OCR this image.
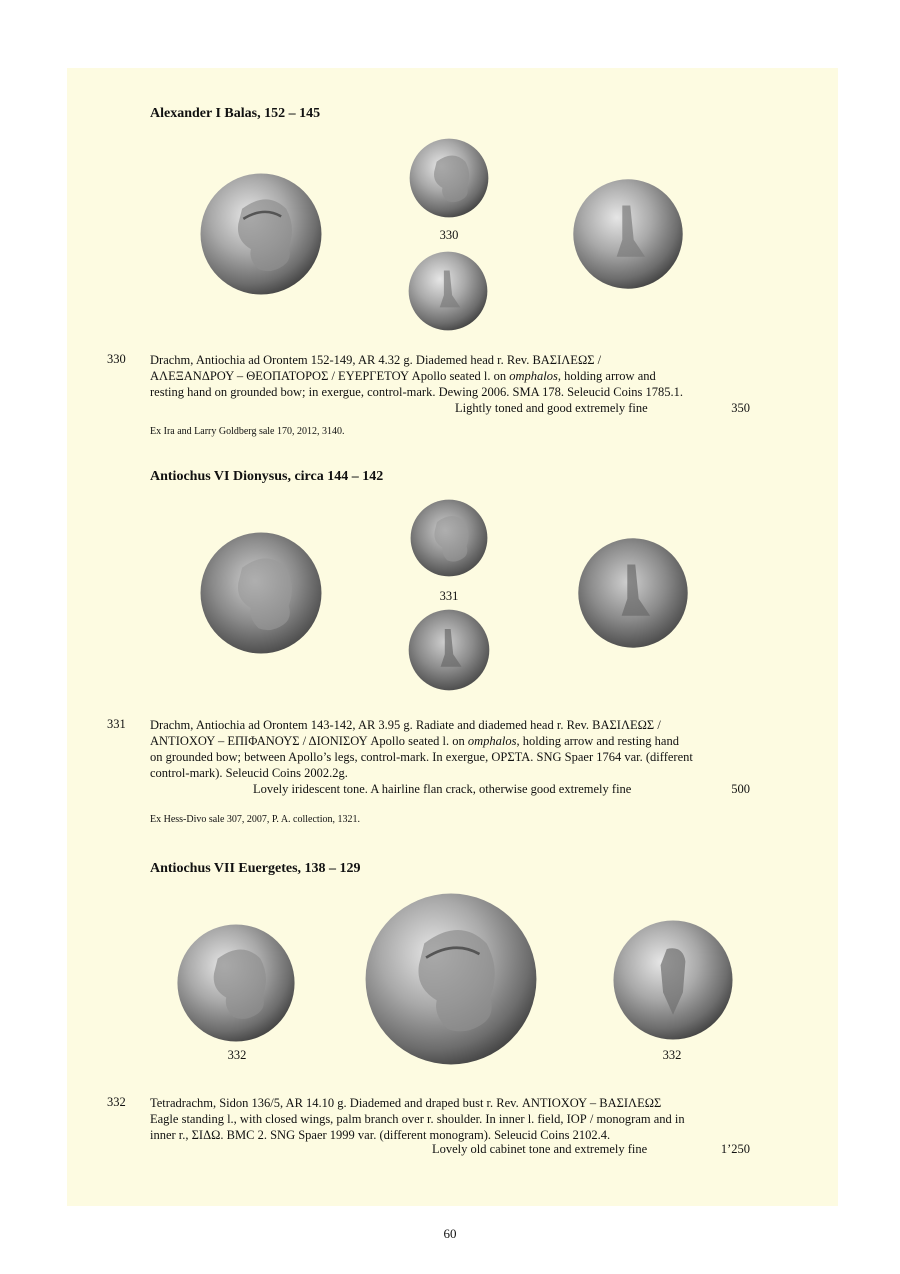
Alexander I Balas, 152 – 145
330
330 Drachm, Antiochia ad Orontem 152-149, AR 4.32 g. Diademed head r. Rev. ΒΑΣΙΛΕΩΣ /
ΑΛΕΞΑΝΔΡΟΥ – ΘΕΟΠΑΤΟΡΟΣ / ΕΥΕΡΓΕΤΟΥ Apollo seated l. on omphalos, holding arrow and
resting hand on grounded bow; in exergue, control-mark. Dewing 2006. SMA 178. Seleucid Coins 1785.1.
Lightly toned and good extremely fine	350
Ex Ira and Larry Goldberg sale 170, 2012, 3140.
Antiochus VI Dionysus, circa 144 – 142
331
331 Drachm, Antiochia ad Orontem 143-142, AR 3.95 g. Radiate and diademed head r. Rev. ΒΑΣΙΛΕΩΣ /
ΑΝΤΙΟΧΟΥ – ΕΠΙΦΑΝΟΥΣ / ΔΙΟΝΙΣΟΥ Apollo seated l. on omphalos, holding arrow and resting hand
on grounded bow; between Apollo’s legs, control-mark. In exergue, ΟΡΣΤΑ. SNG Spaer 1764 var. (different
control-mark). Seleucid Coins 2002.2g.
Lovely iridescent tone. A hairline flan crack, otherwise good extremely fine	500
Ex Hess-Divo sale 307, 2007, P. A. collection, 1321.
Antiochus VII Euergetes, 138 – 129
332	332
332 Tetradrachm, Sidon 136/5, AR 14.10 g. Diademed and draped bust r. Rev. ΑΝΤΙΟΧΟΥ – ΒΑΣΙΛΕΩΣ
Eagle standing l., with closed wings, palm branch over r. shoulder. In inner l. field, ΙΟΡ / monogram and in
inner r., ΣΙΔΩ. BMC 2. SNG Spaer 1999 var. (different monogram). Seleucid Coins 2102.4.
Lovely old cabinet tone and extremely fine	1’250
60
